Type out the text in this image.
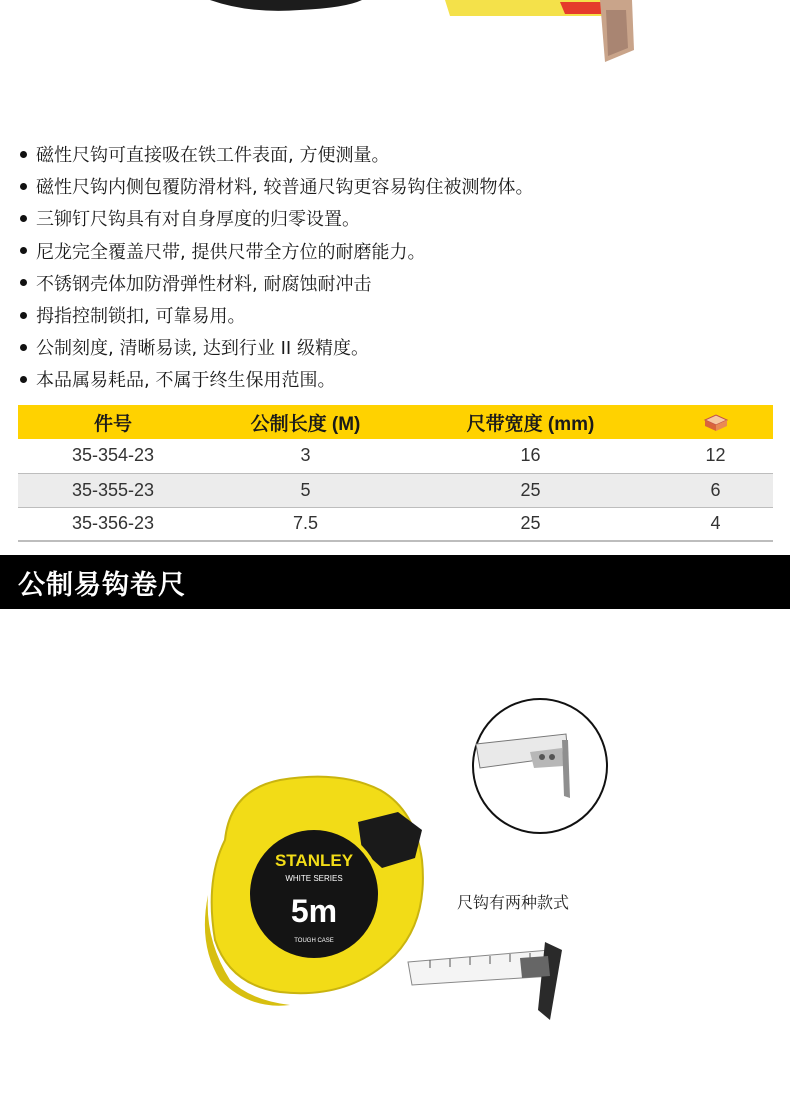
磁性尺钩可直接吸在铁工件表面, 方便测量。
磁性尺钩内侧包覆防滑材料, 较普通尺钩更容易钩住被测物体。
三铆钉尺钩具有对自身厚度的归零设置。
尼龙完全覆盖尺带, 提供尺带全方位的耐磨能力。
不锈钢壳体加防滑弹性材料, 耐腐蚀耐冲击
拇指控制锁扣, 可靠易用。
公制刻度, 清晰易读, 达到行业 II 级精度。
本品属易耗品, 不属于终生保用范围。
件号	公制长度 (M)	尺带宽度 (mm)	
35-354-23	3	16	12
35-355-23	5	25	6
35-356-23	7.5	25	4
公制易钩卷尺
STANLEY
WHITE SERIES
5m
TOUGH CASE
尺钩有两种款式
